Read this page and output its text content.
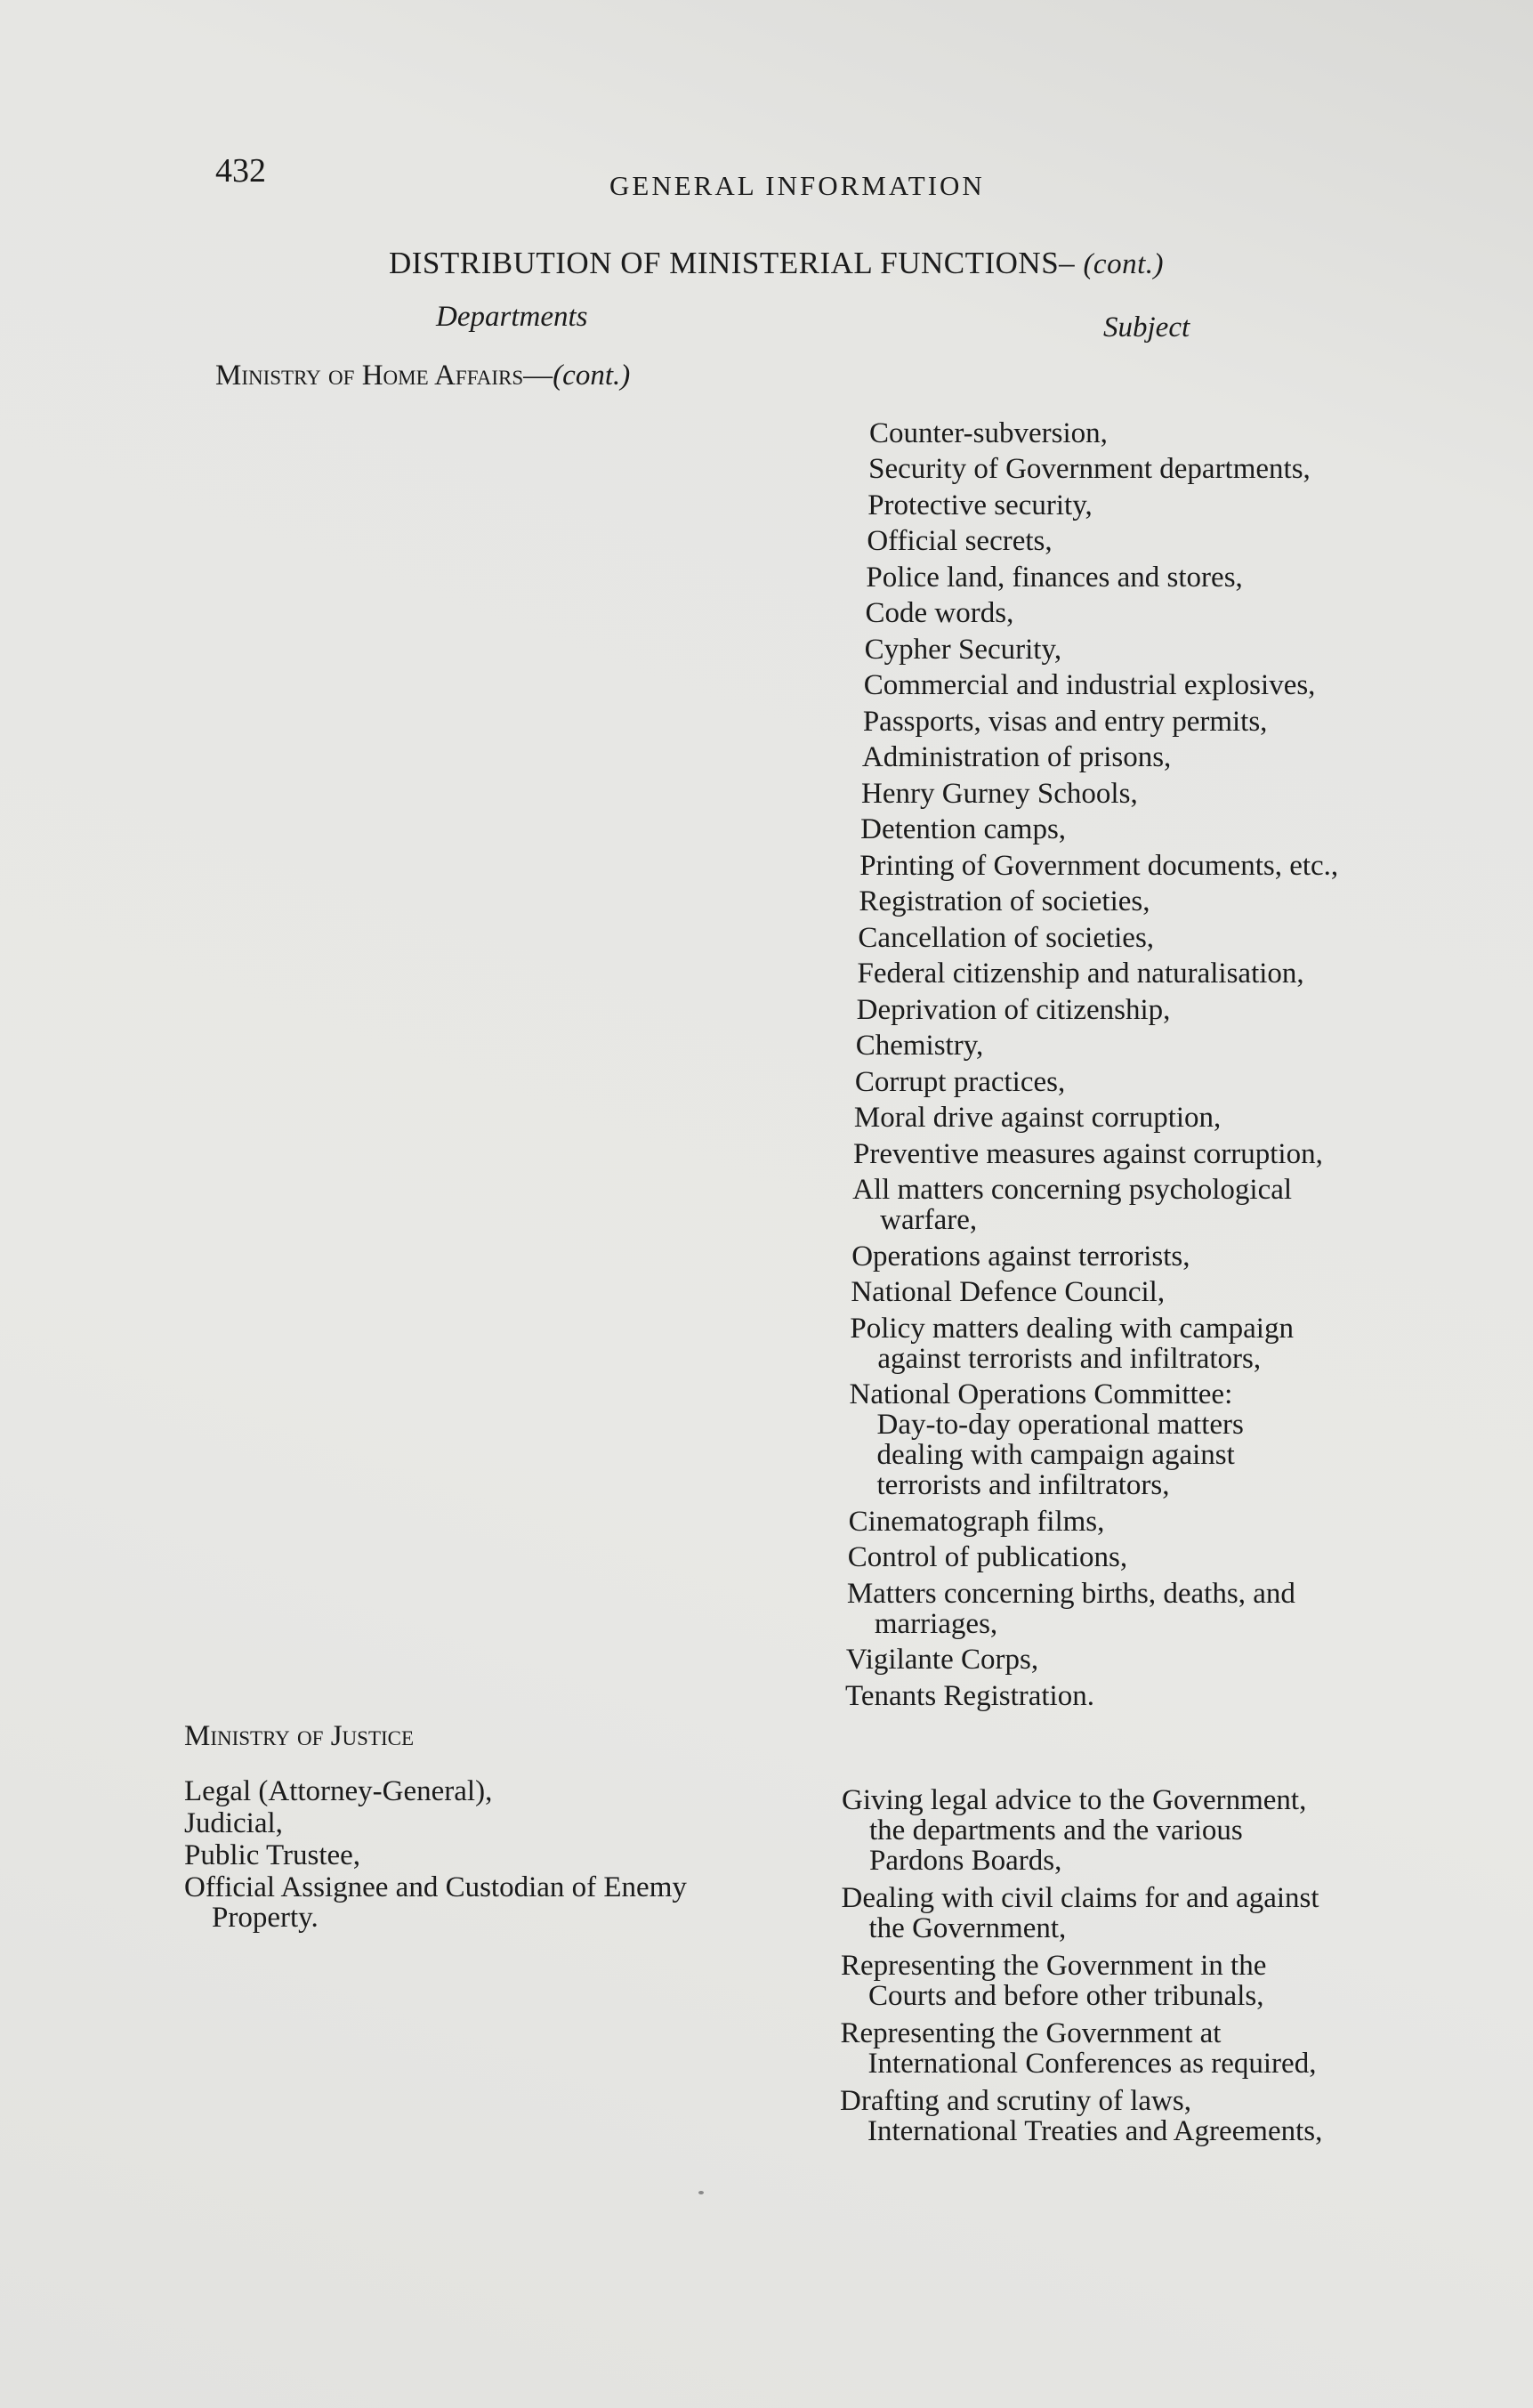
432	GENERAL INFORMATION
DISTRIBUTION OF MINISTERIAL FUNCTIONS– (cont.)
Departments	Subject
Ministry of Home Affairs—(cont.)
Counter-subversion,
Security of Government departments,
Protective security,
Official secrets,
Police land, finances and stores,
Code words,
Cypher Security,
Commercial and industrial explosives,
Passports, visas and entry permits,
Administration of prisons,
Henry Gurney Schools,
Detention camps,
Printing of Government documents, etc.,
Registration of societies,
Cancellation of societies,
Federal citizenship and naturalisation,
Deprivation of citizenship,
Chemistry,
Corrupt practices,
Moral drive against corruption,
Preventive measures against corruption,
All matters concerning psychological
warfare,
Operations against terrorists,
National Defence Council,
Policy matters dealing with campaign
against terrorists and infiltrators,
National Operations Committee:
Day-to-day operational matters
dealing with campaign against
terrorists and infiltrators,
Cinematograph films,
Control of publications,
Matters concerning births, deaths, and
marriages,
Vigilante Corps,
Tenants Registration.
Ministry of Justice
Legal (Attorney-General),
Judicial,
Public Trustee,
Official Assignee and Custodian of Enemy
Property.
Giving legal advice to the Government,
the departments and the various
Pardons Boards,
Dealing with civil claims for and against
the Government,
Representing the Government in the
Courts and before other tribunals,
Representing the Government at
International Conferences as required,
Drafting and scrutiny of laws,
International Treaties and Agreements,
